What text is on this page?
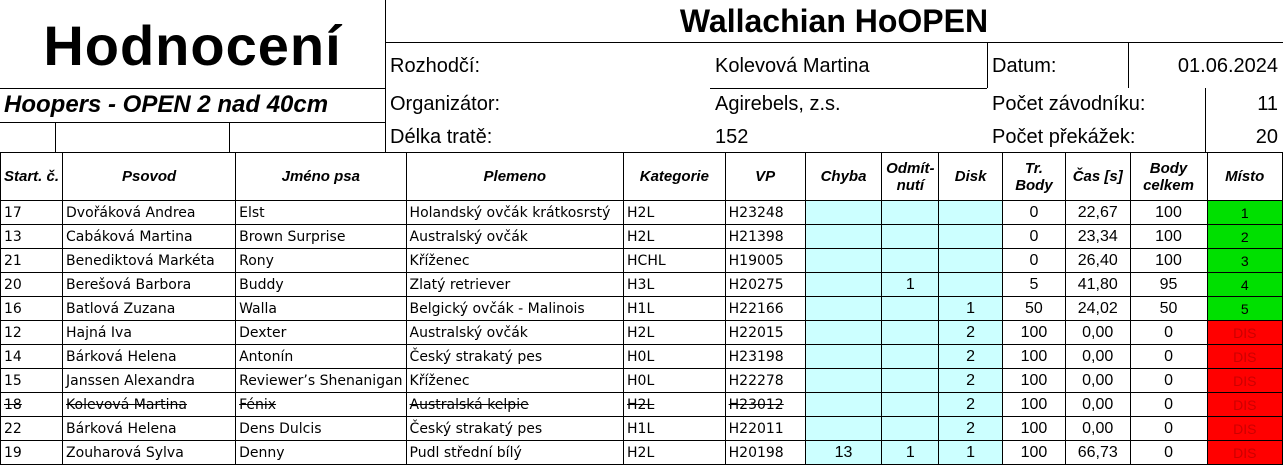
Hodnocení
Hoopers - OPEN 2 nad 40cm
Wallachian HoOPEN
Rozhodčí:	Kolevová Martina	Datum:	01.06.2024
Organizátor:	Agirebels, z.s.	Počet závodníku:	11
Délka tratě:	152	Počet překážek:	20
Start. č.	Psovod	Jméno psa	Plemeno	Kategorie	VP	Chyba	Odmít-nutí	Disk	Tr. Body	Čas [s]	Body celkem	Místo
17	Dvořáková Andrea	Elst	Holandský ovčák krátkosrstý	H2L	H23248				0	22,67	100	1
13	Cabáková Martina	Brown Surprise	Australský ovčák	H2L	H21398				0	23,34	100	2
21	Benediktová Markéta	Rony	Kříženec	HCHL	H19005				0	26,40	100	3
20	Berešová Barbora	Buddy	Zlatý retriever	H3L	H20275		1		5	41,80	95	4
16	Batlová Zuzana	Walla	Belgický ovčák - Malinois	H1L	H22166			1	50	24,02	50	5
12	Hajná Iva	Dexter	Australský ovčák	H2L	H22015			2	100	0,00	0	DIS
14	Bárková Helena	Antonín	Český strakatý pes	H0L	H23198			2	100	0,00	0	DIS
15	Janssen Alexandra	Reviewer’s Shenanigan	Kříženec	H0L	H22278			2	100	0,00	0	DIS
18	Kolevová Martina	Fénix	Australská kelpie	H2L	H23012			2	100	0,00	0	DIS
22	Bárková Helena	Dens Dulcis	Český strakatý pes	H1L	H22011			2	100	0,00	0	DIS
19	Zouharová Sylva	Denny	Pudl střední bílý	H2L	H20198	13	1	1	100	66,73	0	DIS
